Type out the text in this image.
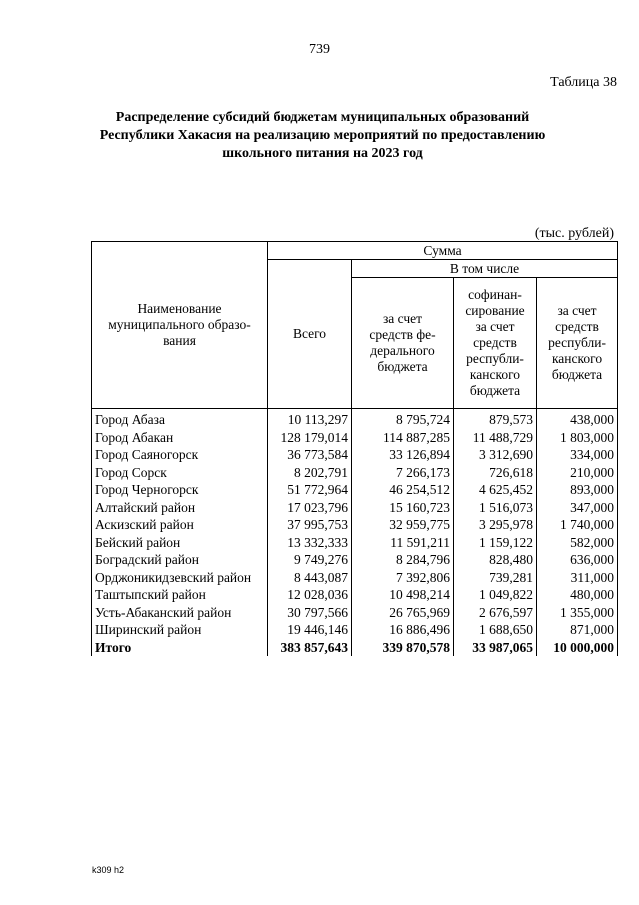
739
Таблица 38
Распределение субсидий бюджетам муниципальных образований
Республики Хакасия на реализацию мероприятий по предоставлению
школьного питания на 2023 год
(тыс. рублей)
Наименование муниципального образо-вания	Сумма			
	Всего	В том числе		
		за счет средств фе-дерального бюджета	софинан-сирование за счет средств республи-канского бюджета	за счет средств республи-канского бюджета
Город Абаза	10 113,297	8 795,724	879,573	438,000
Город Абакан	128 179,014	114 887,285	11 488,729	1 803,000
Город Саяногорск	36 773,584	33 126,894	3 312,690	334,000
Город Сорск	8 202,791	7 266,173	726,618	210,000
Город Черногорск	51 772,964	46 254,512	4 625,452	893,000
Алтайский район	17 023,796	15 160,723	1 516,073	347,000
Аскизский район	37 995,753	32 959,775	3 295,978	1 740,000
Бейский район	13 332,333	11 591,211	1 159,122	582,000
Боградский район	9 749,276	8 284,796	828,480	636,000
Орджоникидзевский район	8 443,087	7 392,806	739,281	311,000
Таштыпский район	12 028,036	10 498,214	1 049,822	480,000
Усть-Абаканский район	30 797,566	26 765,969	2 676,597	1 355,000
Ширинский район	19 446,146	16 886,496	1 688,650	871,000
Итого	383 857,643	339 870,578	33 987,065	10 000,000
k309 h2
